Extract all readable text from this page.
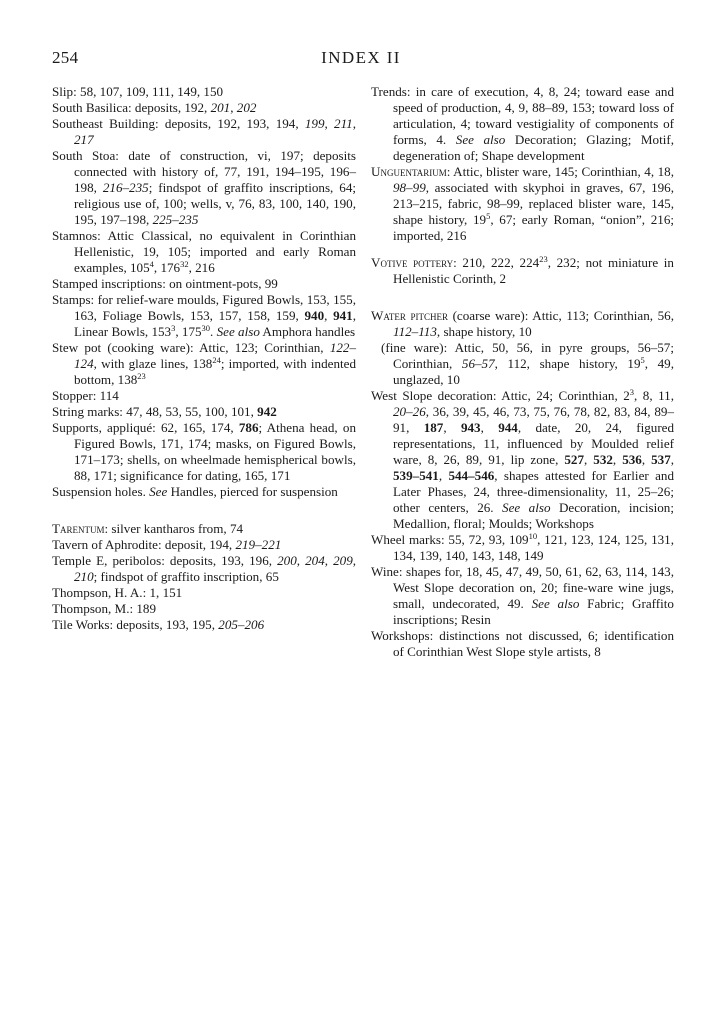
254	INDEX II

Slip: 58, 107, 109, 111, 149, 150

South Basilica: deposits, 192, 201, 202

Southeast Building: deposits, 192, 193, 194, 199, 211, 217

South Stoa: date of construction, vi, 197; deposits connected with history of, 77, 191, 194–195, 196–198, 216–235; findspot of graffito inscriptions, 64; religious use of, 100; wells, v, 76, 83, 100, 140, 190, 195, 197–198, 225–235

Stamnos: Attic Classical, no equivalent in Corinthian Hellenistic, 19, 105; imported and early Roman examples, $105^4$, $176^{32}$, 216

Stamped inscriptions: on ointment-pots, 99

Stamps: for relief-ware moulds, Figured Bowls, 153, 155, 163, Foliage Bowls, 153, 157, 158, 159, 940, 941, Linear Bowls, $153^3$, $175^{30}$. See also Amphora handles

Stew pot (cooking ware): Attic, 123; Corinthian, 122–124, with glaze lines, $138^{24}$; imported, with indented bottom, $138^{23}$

Stopper: 114

String marks: 47, 48, 53, 55, 100, 101, 942

Supports, appliqué: 62, 165, 174, 786; Athena head, on Figured Bowls, 171, 174; masks, on Figured Bowls, 171–173; shells, on wheelmade hemispherical bowls, 88, 171; significance for dating, 165, 171

Suspension holes. See Handles, pierced for suspension

Tarentum: silver kantharos from, 74

Tavern of Aphrodite: deposit, 194, 219–221

Temple E, peribolos: deposits, 193, 196, 200, 204, 209, 210; findspot of graffito inscription, 65

Thompson, H. A.: 1, 151

Thompson, M.: 189

Tile Works: deposits, 193, 195, 205–206

Trends: in care of execution, 4, 8, 24; toward ease and speed of production, 4, 9, 88–89, 153; toward loss of articulation, 4; toward vestigiality of components of forms, 4. See also Decoration; Glazing; Motif, degeneration of; Shape development

Unguentarium: Attic, blister ware, 145; Corinthian, 4, 18, 98–99, associated with skyphoi in graves, 67, 196, 213–215, fabric, 98–99, replaced blister ware, 145, shape history, $19^5$, 67; early Roman, “onion”, 216; imported, 216

Votive pottery: 210, 222, $224^{23}$, 232; not miniature in Hellenistic Corinth, 2

Water pitcher (coarse ware): Attic, 113; Corinthian, 56, 112–113, shape history, 10

(fine ware): Attic, 50, 56, in pyre groups, 56–57; Corinthian, 56–57, 112, shape history, $19^5$, 49, unglazed, 10

West Slope decoration: Attic, 24; Corinthian, $2^3$, 8, 11, 20–26, 36, 39, 45, 46, 73, 75, 76, 78, 82, 83, 84, 89–91, 187, 943, 944, date, 20, 24, figured representations, 11, influenced by Moulded relief ware, 8, 26, 89, 91, lip zone, 527, 532, 536, 537, 539–541, 544–546, shapes attested for Earlier and Later Phases, 24, three-dimensionality, 11, 25–26; other centers, 26. See also Decoration, incision; Medallion, floral; Moulds; Workshops

Wheel marks: 55, 72, 93, $109^{10}$, 121, 123, 124, 125, 131, 134, 139, 140, 143, 148, 149

Wine: shapes for, 18, 45, 47, 49, 50, 61, 62, 63, 114, 143, West Slope decoration on, 20; fine-ware wine jugs, small, undecorated, 49. See also Fabric; Graffito inscriptions; Resin

Workshops: distinctions not discussed, 6; identification of Corinthian West Slope style artists, 8
